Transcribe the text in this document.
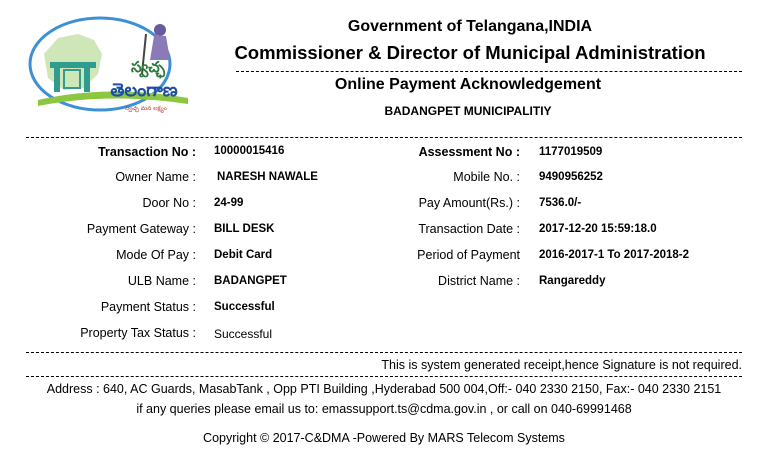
స్వచ్ఛ
తెలంగాణ
స్వచ్ఛ మన లక్ష్యం
Government of Telangana,INDIA
Commissioner & Director of Municipal Administration
Online Payment Acknowledgement
BADANGPET MUNICIPALITIY
Transaction No : 10000015416	Assessment No : 1177019509
Owner Name : NARESH NAWALE	Mobile No. : 9490956252
Door No : 24-99	Pay Amount(Rs.) : 7536.0/-
Payment Gateway : BILL DESK	Transaction Date : 2017-12-20 15:59:18.0
Mode Of Pay : Debit Card	Period of Payment 2016-2017-1 To 2017-2018-2
ULB Name : BADANGPET	District Name : Rangareddy
Payment Status : Successful
Property Tax Status : Successful
This is system generated receipt,hence Signature is not required.
Address : 640, AC Guards, MasabTank , Opp PTI Building ,Hyderabad 500 004,Off:- 040 2330 2150, Fax:- 040 2330 2151
if any queries please email us to: emassupport.ts@cdma.gov.in , or call on 040-69991468
Copyright © 2017-C&DMA -Powered By MARS Telecom Systems
